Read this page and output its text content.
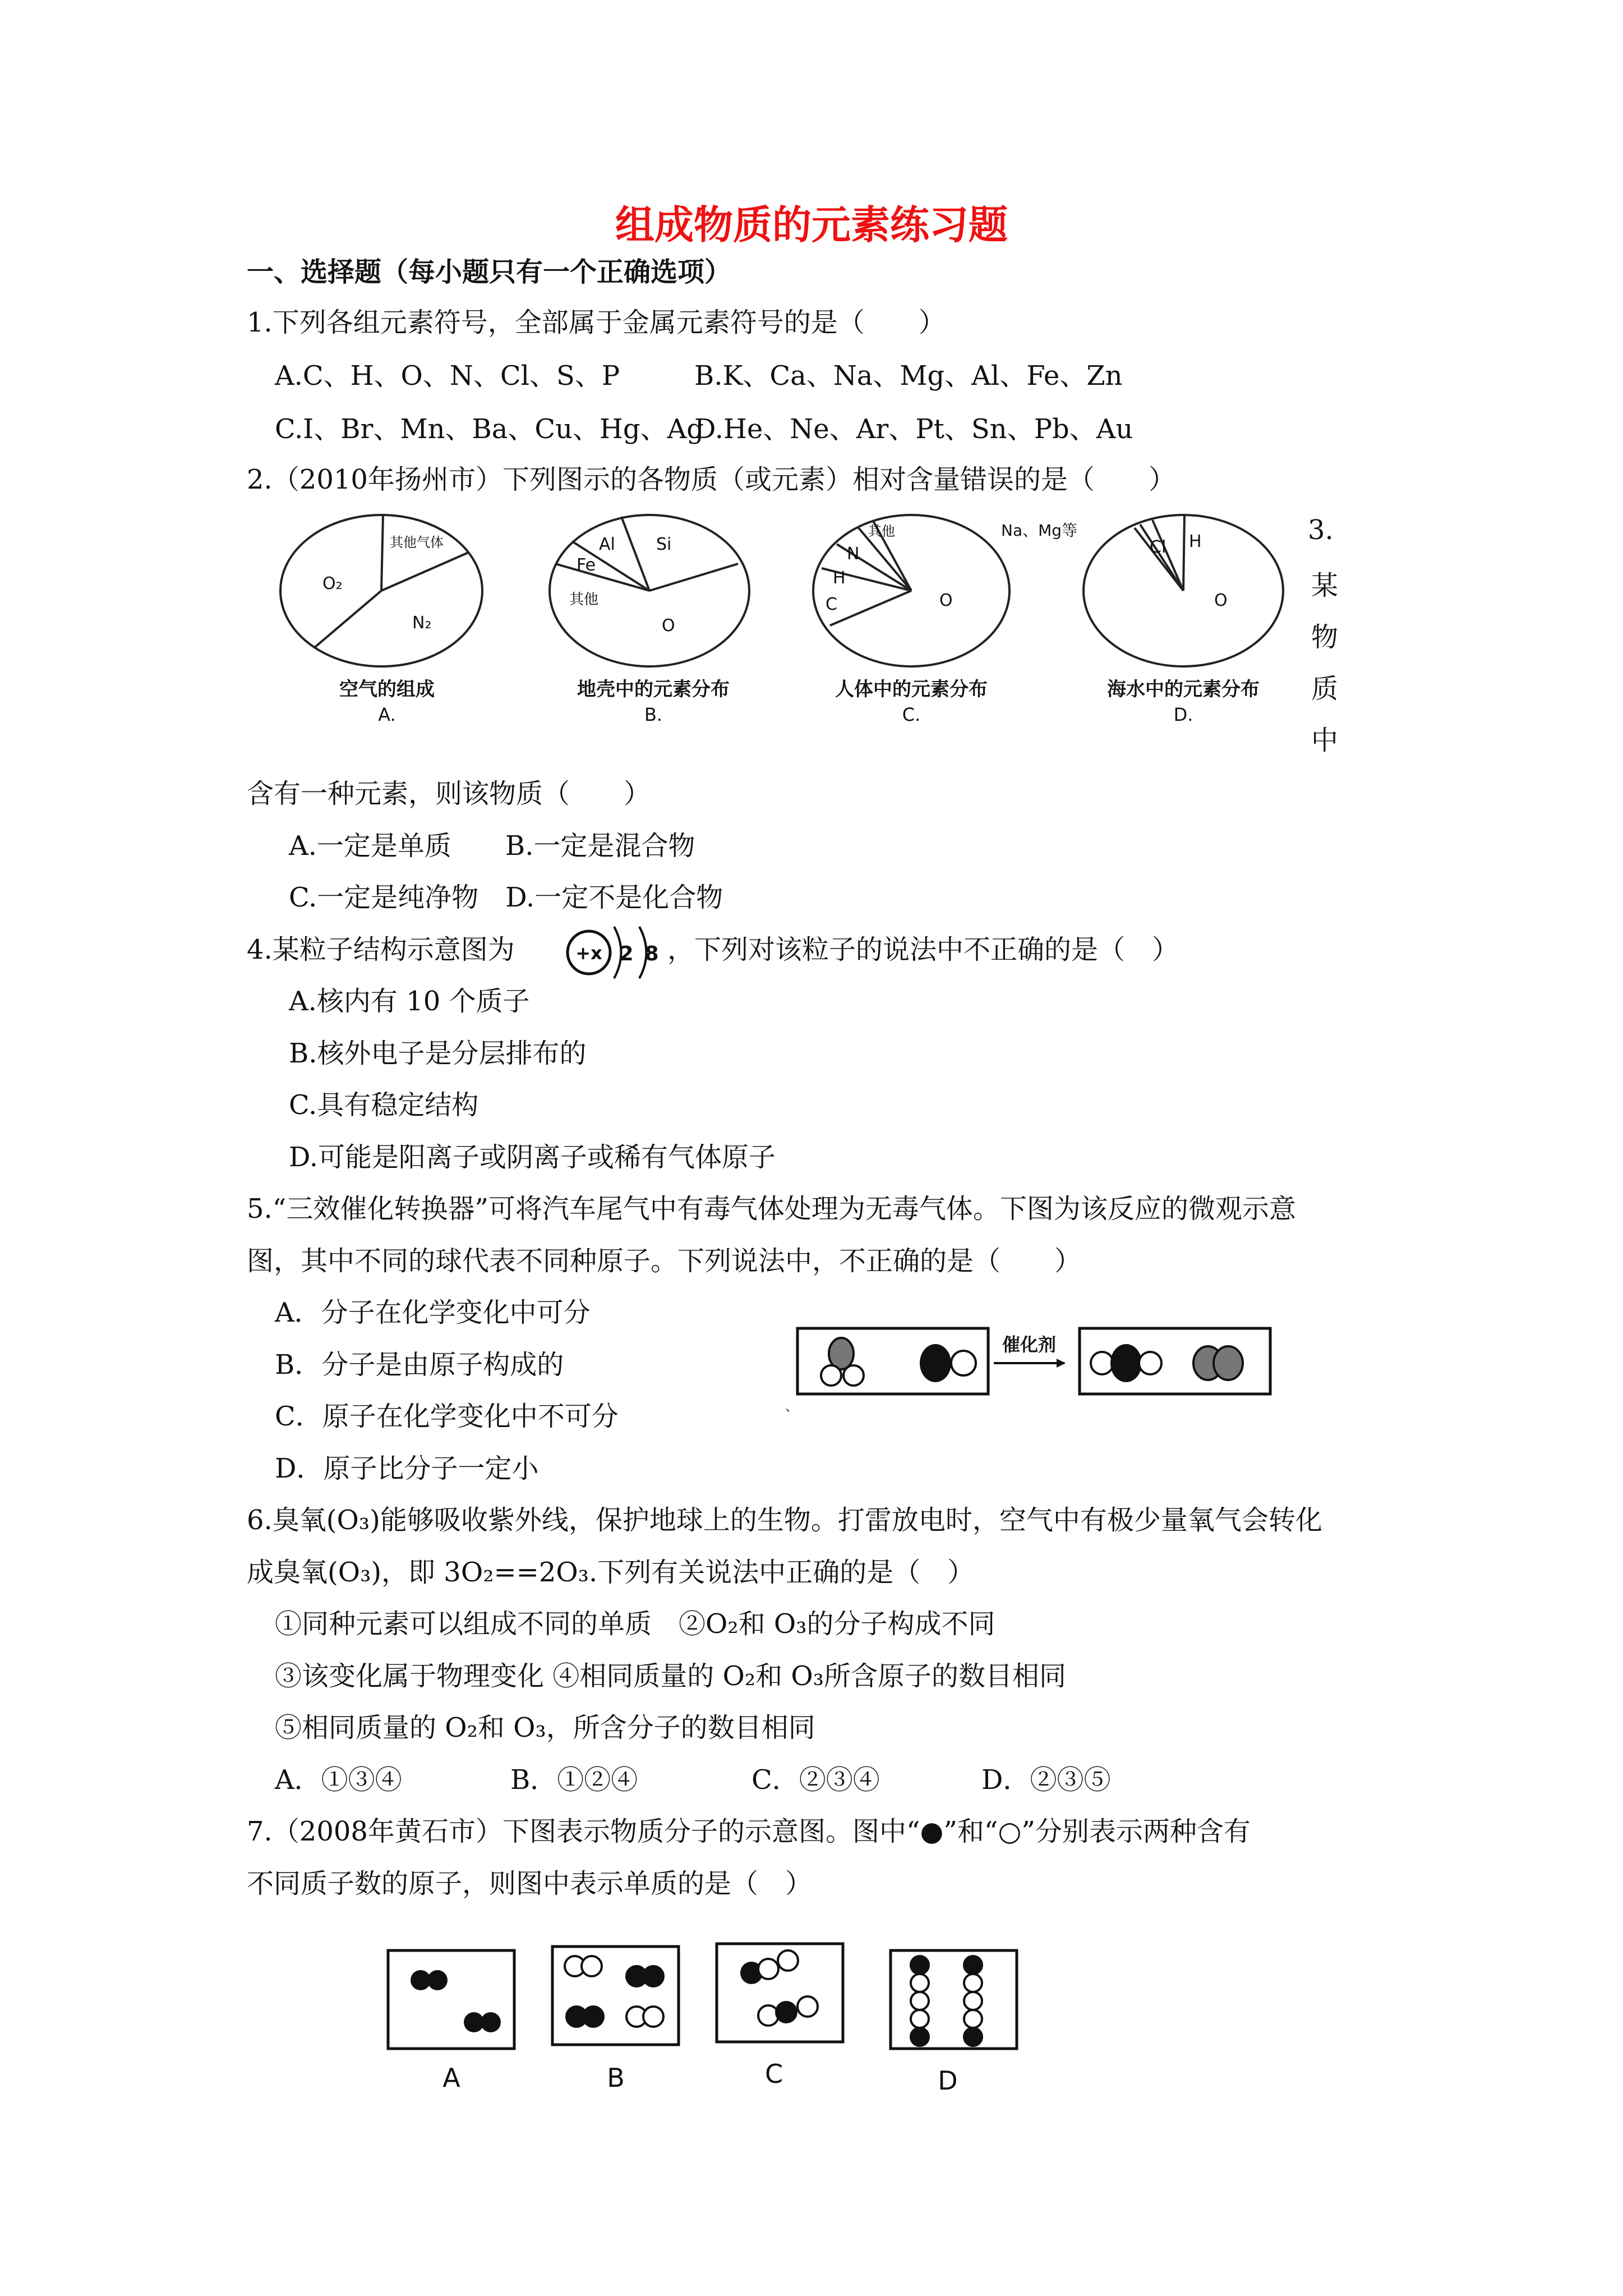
组成物质的元素练习题
一、选择题（每小题只有一个正确选项）
1.下列各组元素符号，全部属于金属元素符号的是（　　）
A.C、H、O、N、Cl、S、P	B.K、Ca、Na、Mg、Al、Fe、Zn
C.I、Br、Mn、Ba、Cu、Hg、Ag
D.He、Ne、Ar、Pt、Sn、Pb、Au
2.（2010年扬州市）下列图示的各物质（或元素）相对含量错误的是（　　）
其他气体
O₂
N₂
Al Si
Fe
其他
O
其他
N
H
C	O
Na、Mg等
Cl H
O
空气的组成	地壳中的元素分布	人体中的元素分布	海水中的元素分布
A.	B.	C.	D.
3.
某
物
质
中
含有一种元素，则该物质（　　）
A.一定是单质　　B.一定是混合物
C.一定是纯净物　D.一定不是化合物
4.某粒子结构示意图为	+x 2 8 ，下列对该粒子的说法中不正确的是（　）
A.核内有 10 个质子
B.核外电子是分层排布的
C.具有稳定结构
D.可能是阳离子或阴离子或稀有气体原子
5.“三效催化转换器”可将汽车尾气中有毒气体处理为无毒气体。下图为该反应的微观示意
图，其中不同的球代表不同种原子。下列说法中，不正确的是（　　）
A．分子在化学变化中可分
B．分子是由原子构成的
C．原子在化学变化中不可分
D．原子比分子一定小
催化剂
、
6.臭氧(O₃)能够吸收紫外线，保护地球上的生物。打雷放电时，空气中有极少量氧气会转化
成臭氧(O₃)，即 3O₂==2O₃.下列有关说法中正确的是（　）
①同种元素可以组成不同的单质　②O₂和 O₃的分子构成不同
③该变化属于物理变化 ④相同质量的 O₂和 O₃所含原子的数目相同
⑤相同质量的 O₂和 O₃，所含分子的数目相同
A．①③④	B．①②④	C．②③④	D．②③⑤
7.（2008年黄石市）下图表示物质分子的示意图。图中“●”和“○”分别表示两种含有
不同质子数的原子，则图中表示单质的是（　）
A	B	C	D
